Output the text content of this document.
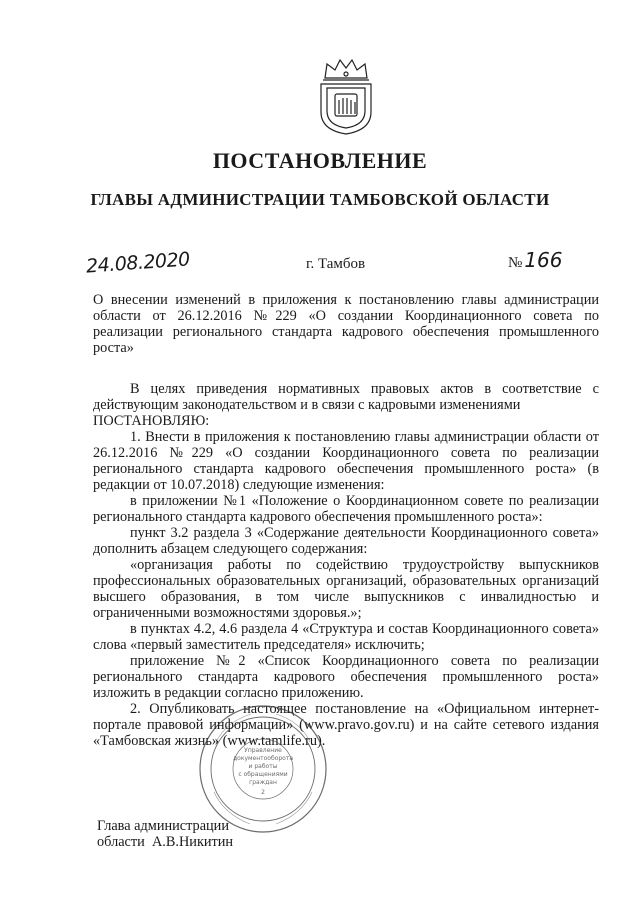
ПОСТАНОВЛЕНИЕ
ГЛАВЫ АДМИНИСТРАЦИИ ТАМБОВСКОЙ ОБЛАСТИ
24.08.2020	г. Тамбов	№ 166
О внесении изменений в приложения к постановлению главы администрации области от 26.12.2016 №229 «О создании Координационного совета по реализации регионального стандарта кадрового обеспечения промышленного роста»

В целях приведения нормативных правовых актов в соответствие с действующим законодательством и в связи с кадровыми изменениями

ПОСТАНОВЛЯЮ:

1. Внести в приложения к постановлению главы администрации области от 26.12.2016 №229 «О создании Координационного совета по реализации регионального стандарта кадрового обеспечения промышленного роста» (в редакции от 10.07.2018) следующие изменения:

в приложении №1 «Положение о Координационном совете по реализации регионального стандарта кадрового обеспечения промышленного роста»:

пункт 3.2 раздела 3 «Содержание деятельности Координационного совета» дополнить абзацем следующего содержания:

«организация работы по содействию трудоустройству выпускников профессиональных образовательных организаций, образовательных организаций высшего образования, в том числе выпускников с инвалидностью и ограниченными возможностями здоровья.»;

в пунктах 4.2, 4.6 раздела 4 «Структура и состав Координационного совета» слова «первый заместитель председателя» исключить;

приложение №2 «Список Координационного совета по реализации регионального стандарта кадрового обеспечения промышленного роста» изложить в редакции согласно приложению.

2. Опубликовать настоящее постановление на «Официальном интернет-портале правовой информации» (www.pravo.gov.ru) и на сайте сетевого издания «Тамбовская жизнь» (www.tamlife.ru).

Глава администрации
области А.В.Никитин
Управление
документооборота
и работы
с обращениями
граждан
2
